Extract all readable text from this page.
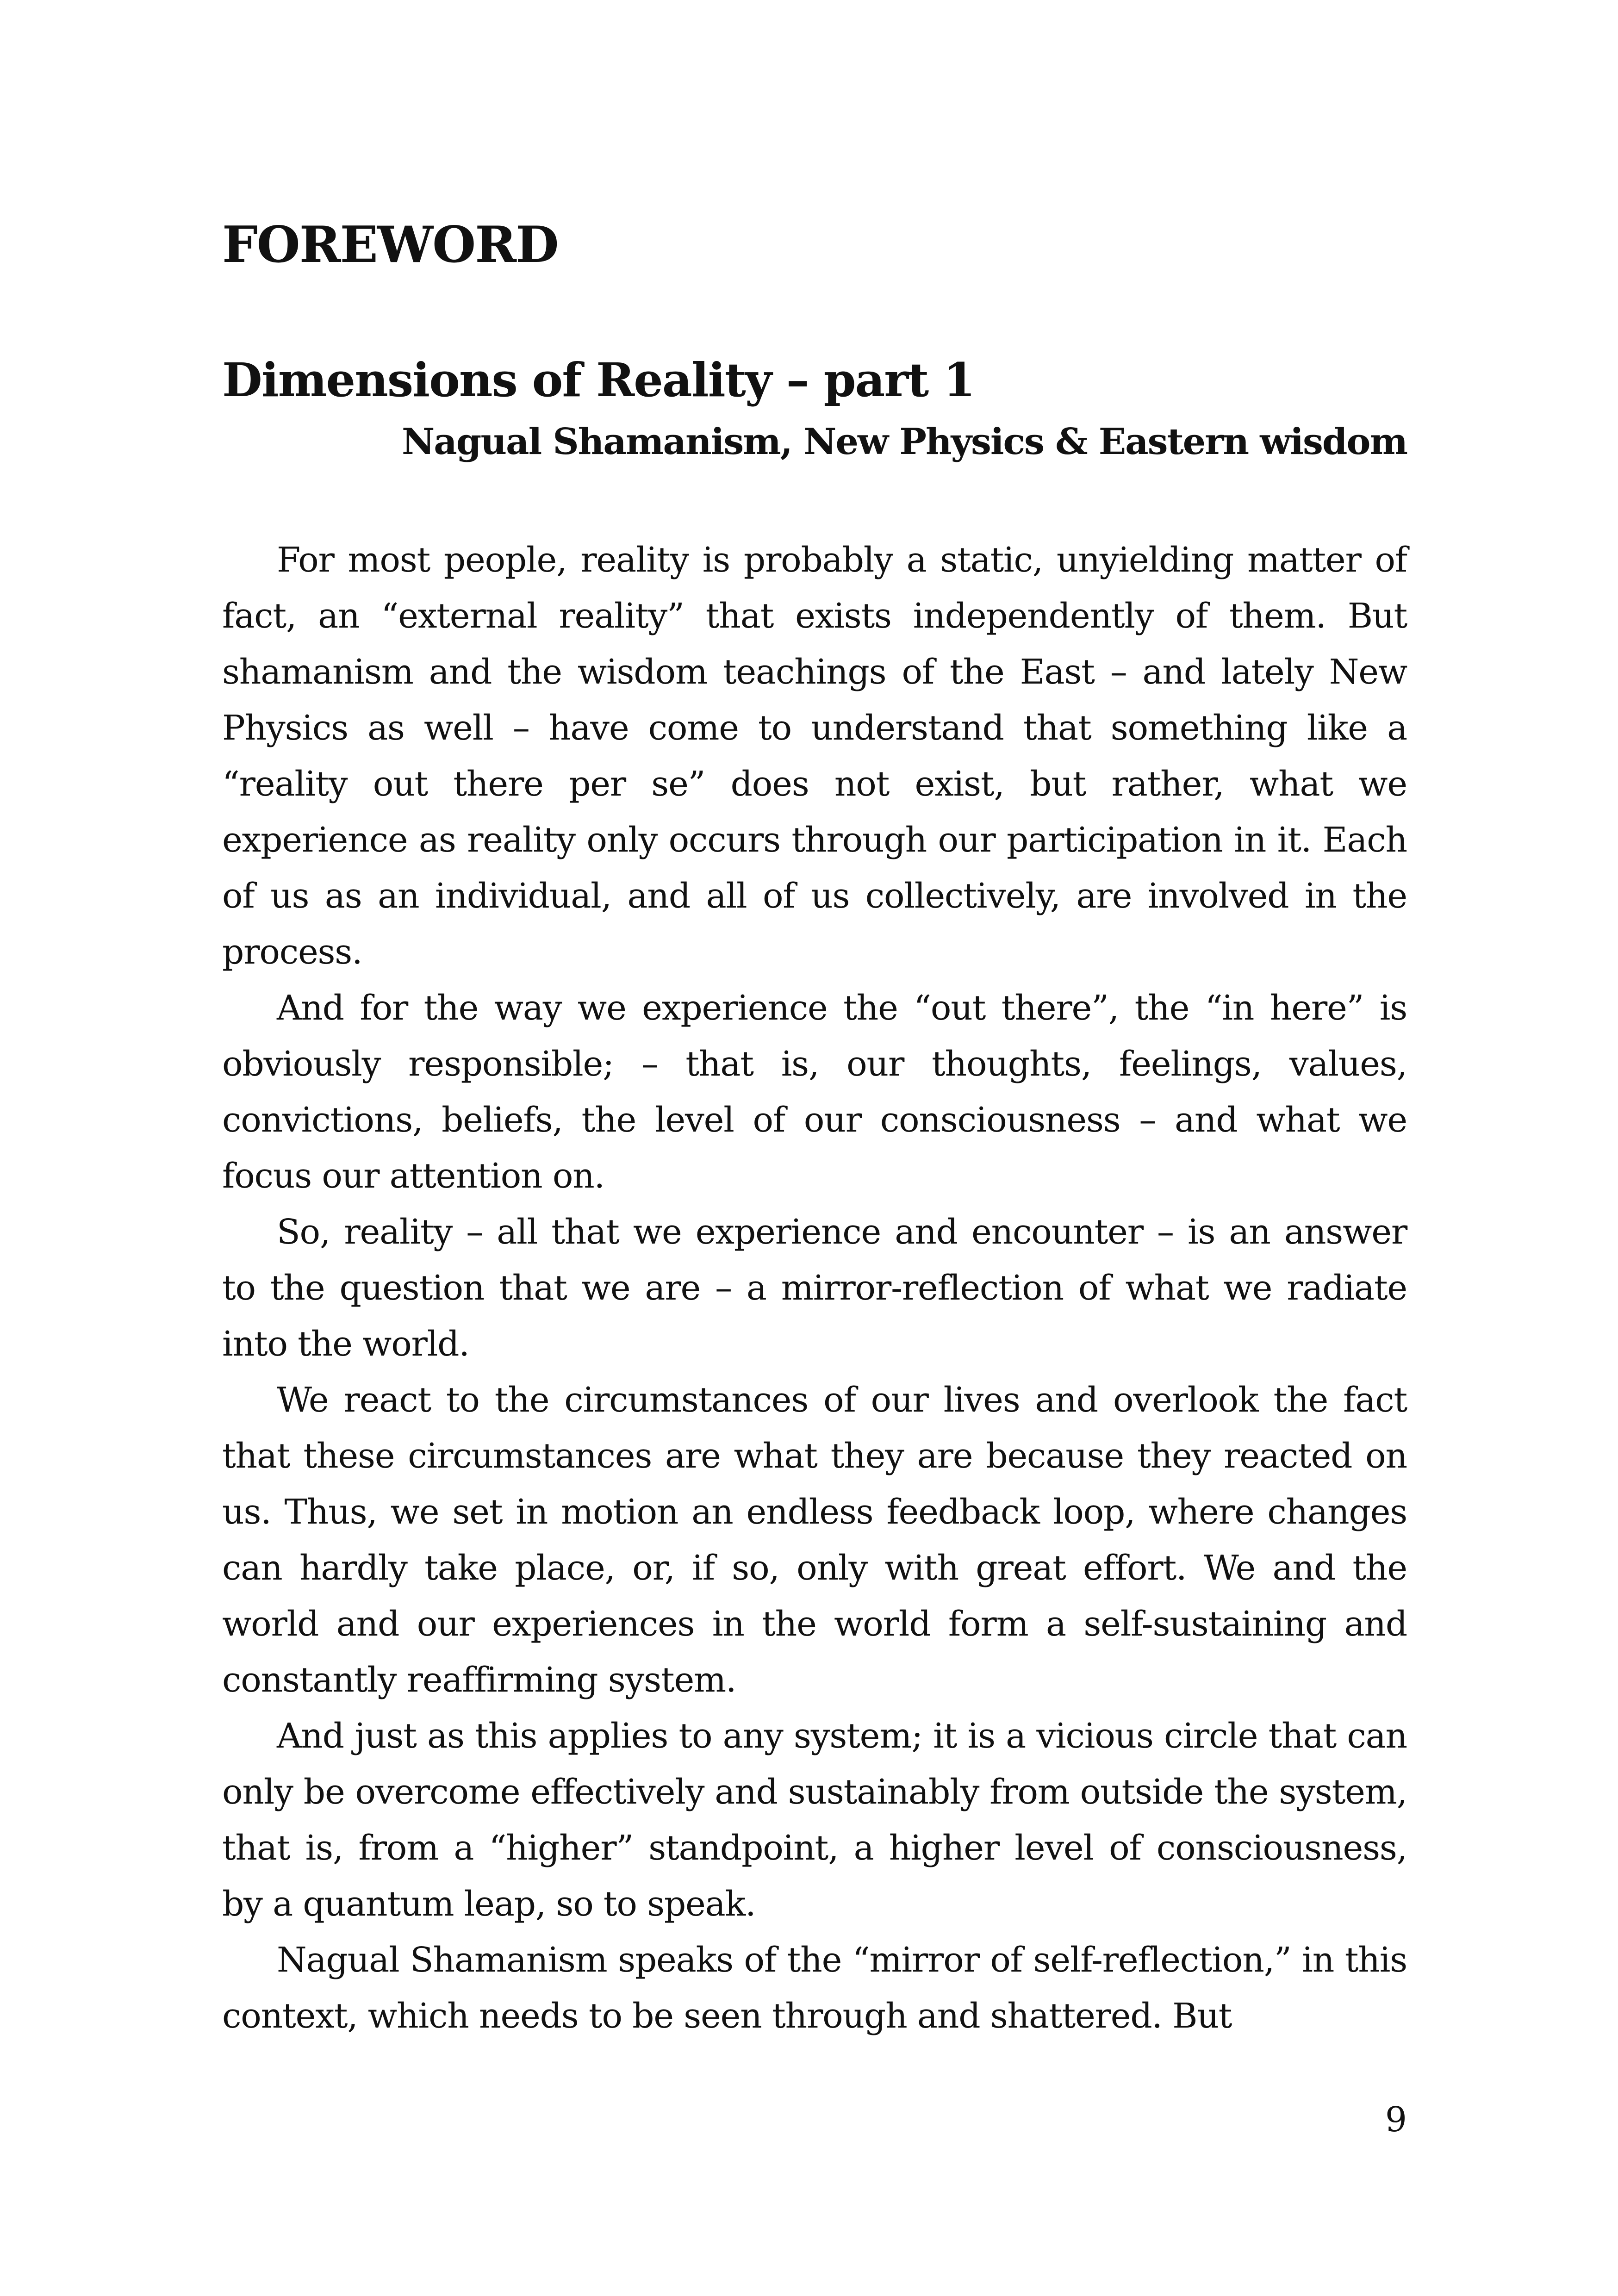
FOREWORD
Dimensions of Reality – part 1
Nagual Shamanism, New Physics & Eastern wisdom

For most people, reality is probably a static, unyielding matter of fact, an “external reality” that exists independently of them. But shamanism and the wisdom teachings of the East – and lately New Physics as well – have come to understand that something like a “reality out there per se” does not exist, but rather, what we experience as reality only occurs through our participation in it. Each of us as an individual, and all of us collectively, are involved in the process.

And for the way we experience the “out there”, the “in here” is obviously responsible; – that is, our thoughts, feelings, values, convictions, beliefs, the level of our consciousness – and what we focus our attention on.

So, reality – all that we experience and encounter – is an answer to the question that we are – a mirror-reflection of what we radiate into the world.

We react to the circumstances of our lives and overlook the fact that these circumstances are what they are because they reacted on us. Thus, we set in motion an endless feedback loop, where changes can hardly take place, or, if so, only with great effort. We and the world and our experiences in the world form a self-sustaining and constantly reaffirming system.

And just as this applies to any system; it is a vicious circle that can only be overcome effectively and sustainably from outside the system, that is, from a “higher” standpoint, a higher level of consciousness, by a quantum leap, so to speak.

Nagual Shamanism speaks of the “mirror of self-reflection,” in this context, which needs to be seen through and shattered. But

9
